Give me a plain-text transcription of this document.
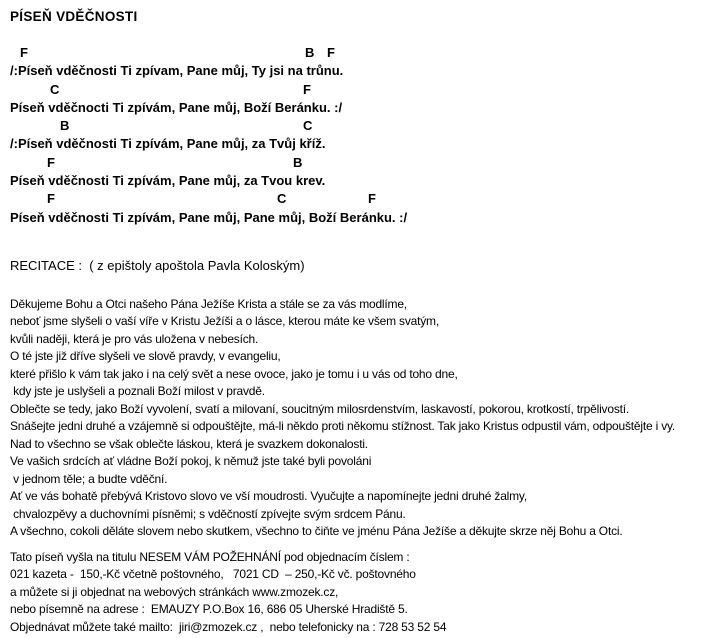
PÍSEŇ VDĚČNOSTI
F	B F
/:Píseň vděčnosti Ti zpívam, Pane můj, Ty jsi na trůnu.
C	F
Píseň vděčnocti Ti zpívám, Pane můj, Boží Beránku. :/
B	C
/:Píseň vděčnosti Ti zpívám, Pane můj, za Tvůj kříž.
F	B
Píseň vděčnosti Ti zpívám, Pane můj, za Tvou krev.
F	C	F
Píseň vděčnosti Ti zpívám, Pane můj, Pane můj, Boží Beránku. :/
RECITACE :  ( z epištoly apoštola Pavla Koloským)
Děkujeme Bohu a Otci našeho Pána Ježíše Krista a stále se za vás modlíme,
neboť jsme slyšeli o vaší víře v Kristu Ježíši a o lásce, kterou máte ke všem svatým,
kvůli naději, která je pro vás uložena v nebesích.
O té jste již dříve slyšeli ve slově pravdy, v evangeliu,
které přišlo k vám tak jako i na celý svět a nese ovoce, jako je tomu i u vás od toho dne,
kdy jste je uslyšeli a poznali Boží milost v pravdě.
Oblečte se tedy, jako Boží vyvolení, svatí a milovaní, soucitným milosrdenstvím, laskavostí, pokorou, krotkostí, trpělivostí.
Snášejte jedni druhé a vzájemně si odpouštějte, má-li někdo proti někomu stížnost. Tak jako Kristus odpustil vám, odpouštějte i vy.
Nad to všechno se však oblečte láskou, která je svazkem dokonalosti.
Ve vašich srdcích ať vládne Boží pokoj, k němuž jste také byli povoláni
v jednom těle; a budte vděční.
Ať ve vás bohatě přebývá Kristovo slovo ve vší moudrosti. Vyučujte a napomínejte jedni druhé žalmy,
chvalozpěvy a duchovními písněmi; s vděčností zpívejte svým srdcem Pánu.
A všechno, cokoli děláte slovem nebo skutkem, všechno to čiňte ve jménu Pána Ježíše a děkujte skrze něj Bohu a Otci.
Tato píseň vyšla na titulu NESEM VÁM POŽEHNÁNÍ pod objednacím číslem :
021 kazeta -  150,-Kč včetně poštovného,   7021 CD  – 250,-Kč vč. poštovného
a můžete si ji objednat na webových stránkách www.zmozek.cz,
nebo písemně na adrese :  EMAUZY P.O.Box 16, 686 05 Uherské Hradiště 5.
Objednávat můžete také mailto:  jiri@zmozek.cz ,  nebo telefonicky na : 728 53 52 54
